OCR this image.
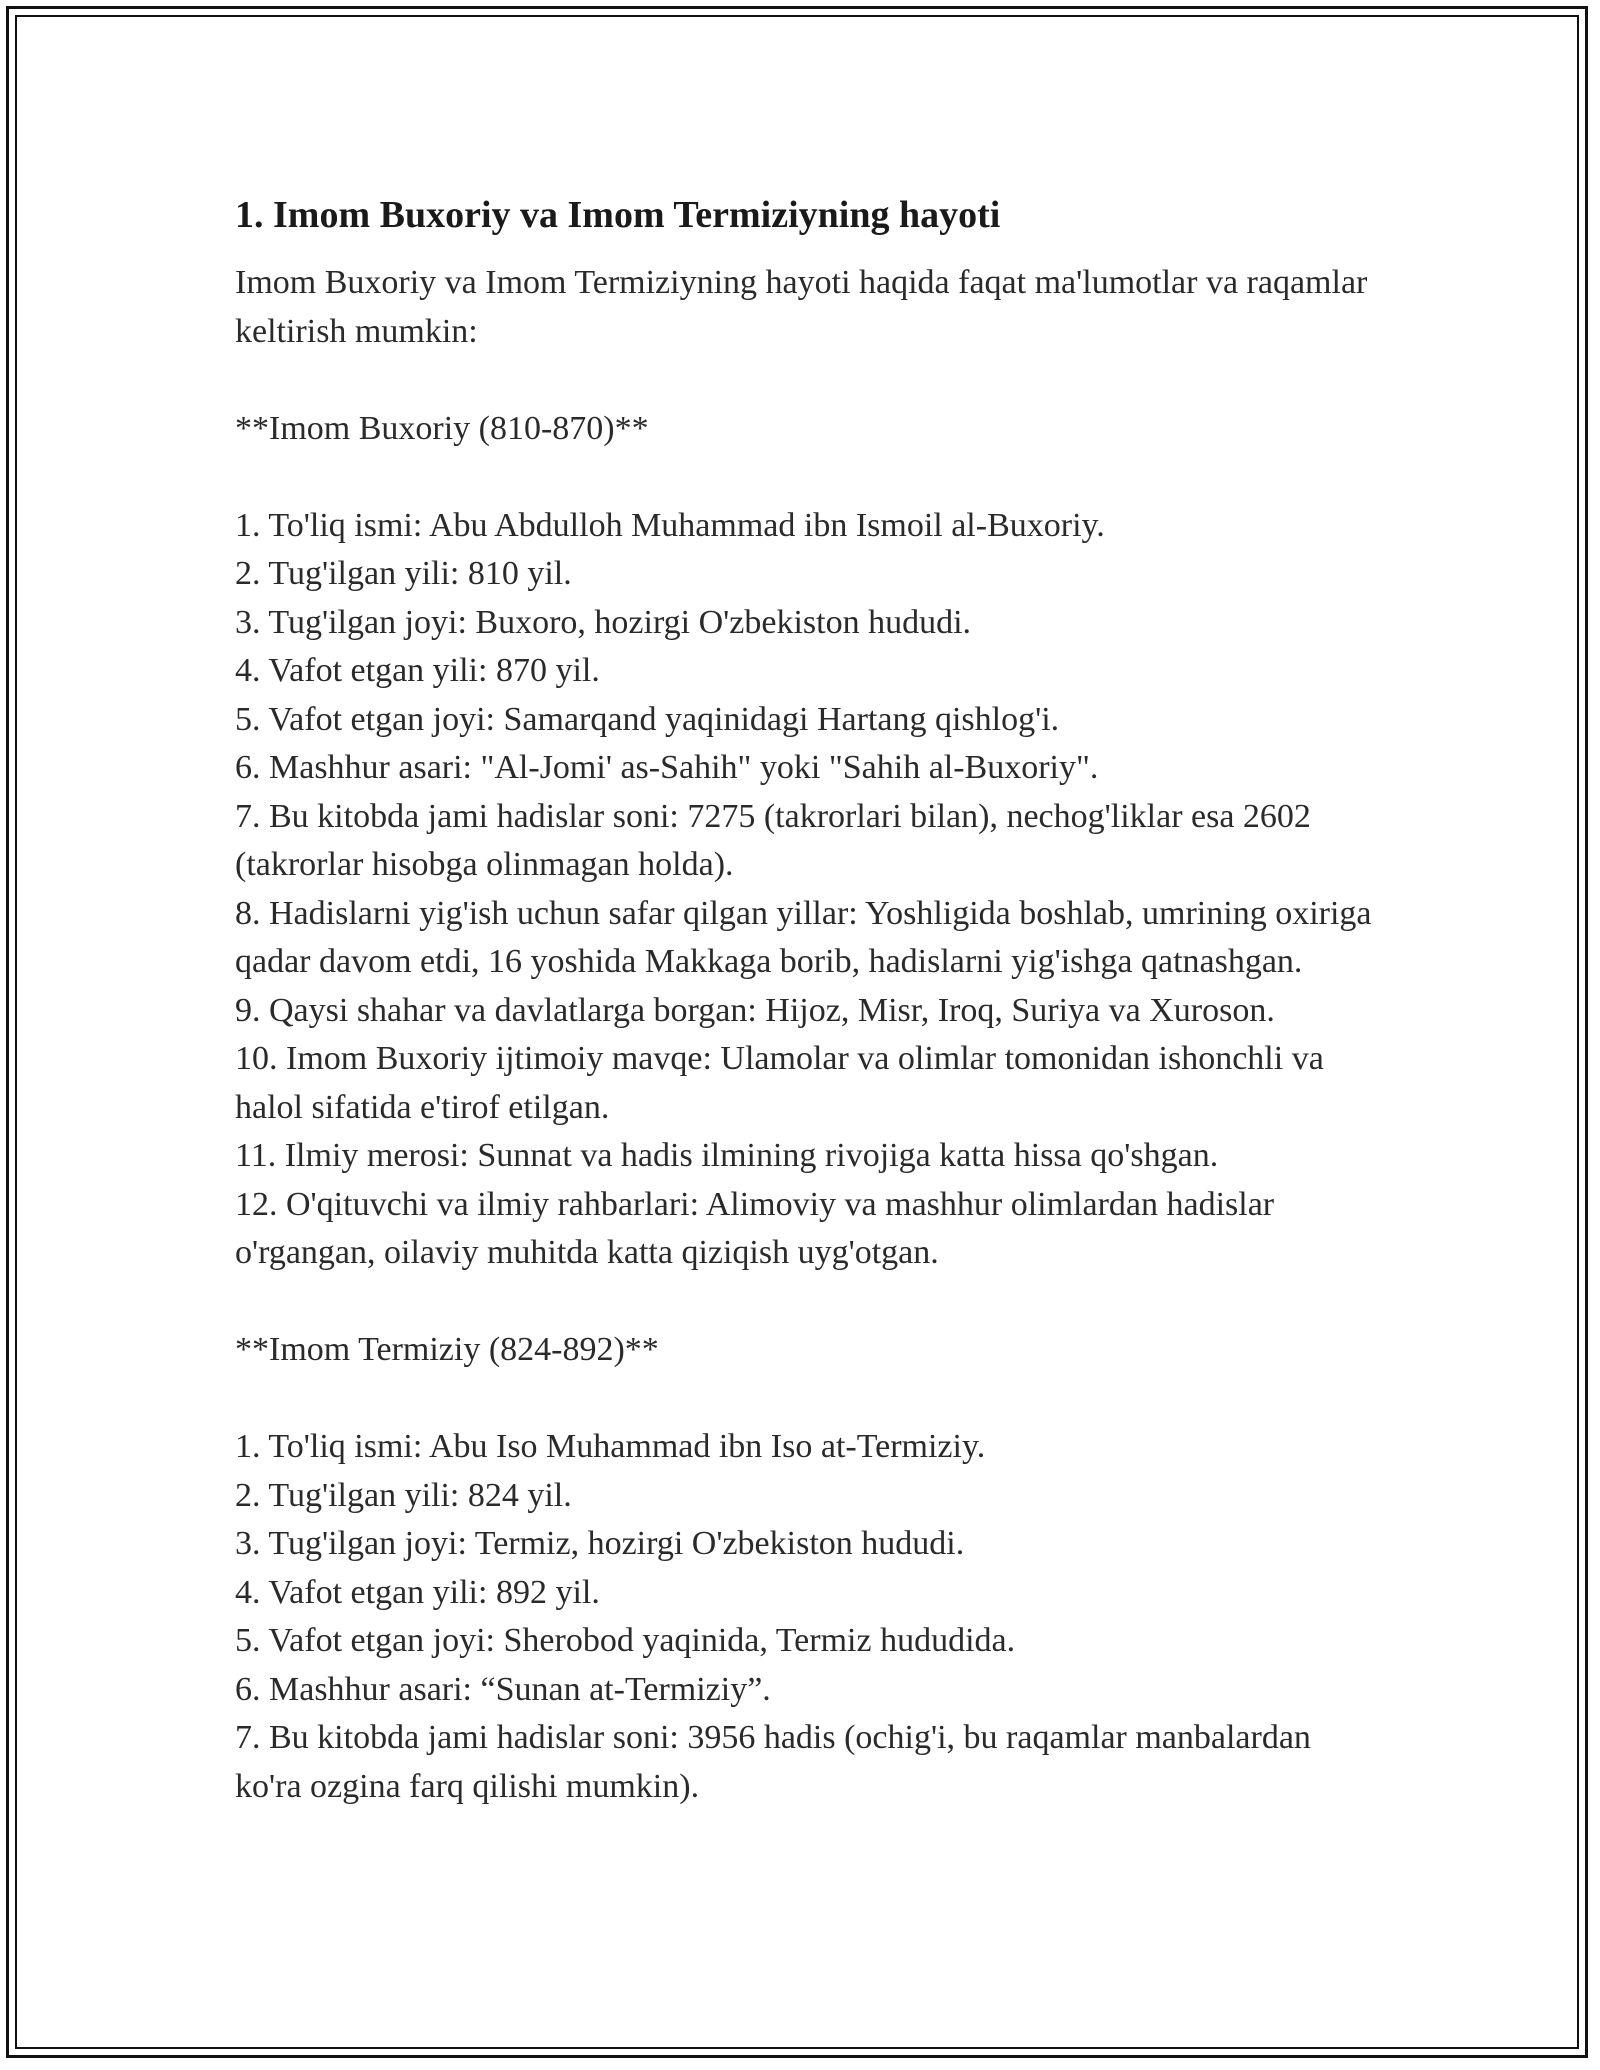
1. Imom Buxoriy va Imom Termiziyning hayoti

Imom Buxoriy va Imom Termiziyning hayoti haqida faqat ma'lumotlar va raqamlar keltirish mumkin:

**Imom Buxoriy (810-870)**

1. To'liq ismi: Abu Abdulloh Muhammad ibn Ismoil al-Buxoriy.

2. Tug'ilgan yili: 810 yil.

3. Tug'ilgan joyi: Buxoro, hozirgi O'zbekiston hududi.

4. Vafot etgan yili: 870 yil.

5. Vafot etgan joyi: Samarqand yaqinidagi Hartang qishlog'i.

6. Mashhur asari: "Al-Jomi' as-Sahih" yoki "Sahih al-Buxoriy".

7. Bu kitobda jami hadislar soni: 7275 (takrorlari bilan), nechog'liklar esa 2602 (takrorlar hisobga olinmagan holda).

8. Hadislarni yig'ish uchun safar qilgan yillar: Yoshligida boshlab, umrining oxiriga qadar davom etdi, 16 yoshida Makkaga borib, hadislarni yig'ishga qatnashgan.

9. Qaysi shahar va davlatlarga borgan: Hijoz, Misr, Iroq, Suriya va Xuroson.

10. Imom Buxoriy ijtimoiy mavqe: Ulamolar va olimlar tomonidan ishonchli va halol sifatida e'tirof etilgan.

11. Ilmiy merosi: Sunnat va hadis ilmining rivojiga katta hissa qo'shgan.

12. O'qituvchi va ilmiy rahbarlari: Alimoviy va mashhur olimlardan hadislar o'rgangan, oilaviy muhitda katta qiziqish uyg'otgan.

**Imom Termiziy (824-892)**

1. To'liq ismi: Abu Iso Muhammad ibn Iso at-Termiziy.

2. Tug'ilgan yili: 824 yil.

3. Tug'ilgan joyi: Termiz, hozirgi O'zbekiston hududi.

4. Vafot etgan yili: 892 yil.

5. Vafot etgan joyi: Sherobod yaqinida, Termiz hududida.

6. Mashhur asari: “Sunan at-Termiziy”.

7. Bu kitobda jami hadislar soni: 3956 hadis (ochig'i, bu raqamlar manbalardan ko'ra ozgina farq qilishi mumkin).
